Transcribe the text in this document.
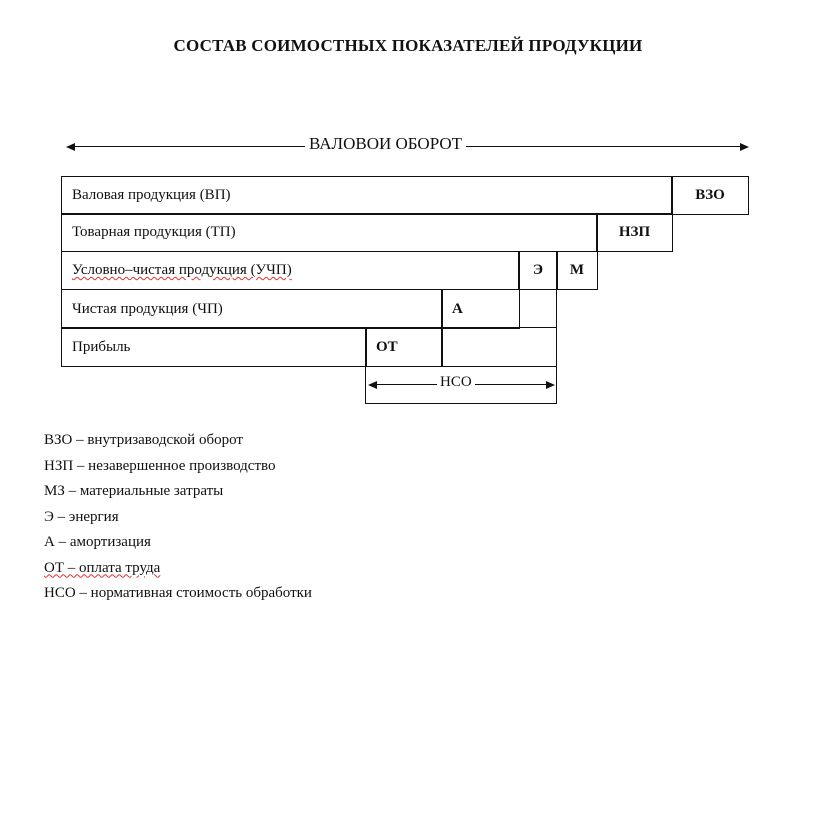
СОСТАВ СОИМОСТНЫХ ПОКАЗАТЕЛЕЙ ПРОДУКЦИИ
ВАЛОВОИ ОБОРОТ
Валовая продукция (ВП)	ВЗО
Товарная продукция (ТП)	НЗП
Условно–чистая продукция (УЧП)	Э	М
Чистая продукция (ЧП)	А
Прибыль	ОТ
НСО
ВЗО – внутризаводской оборот
НЗП – незавершенное производство
МЗ – материальные затраты
Э – энергия
А – амортизация
ОТ – оплата труда
НСО – нормативная стоимость обработки
